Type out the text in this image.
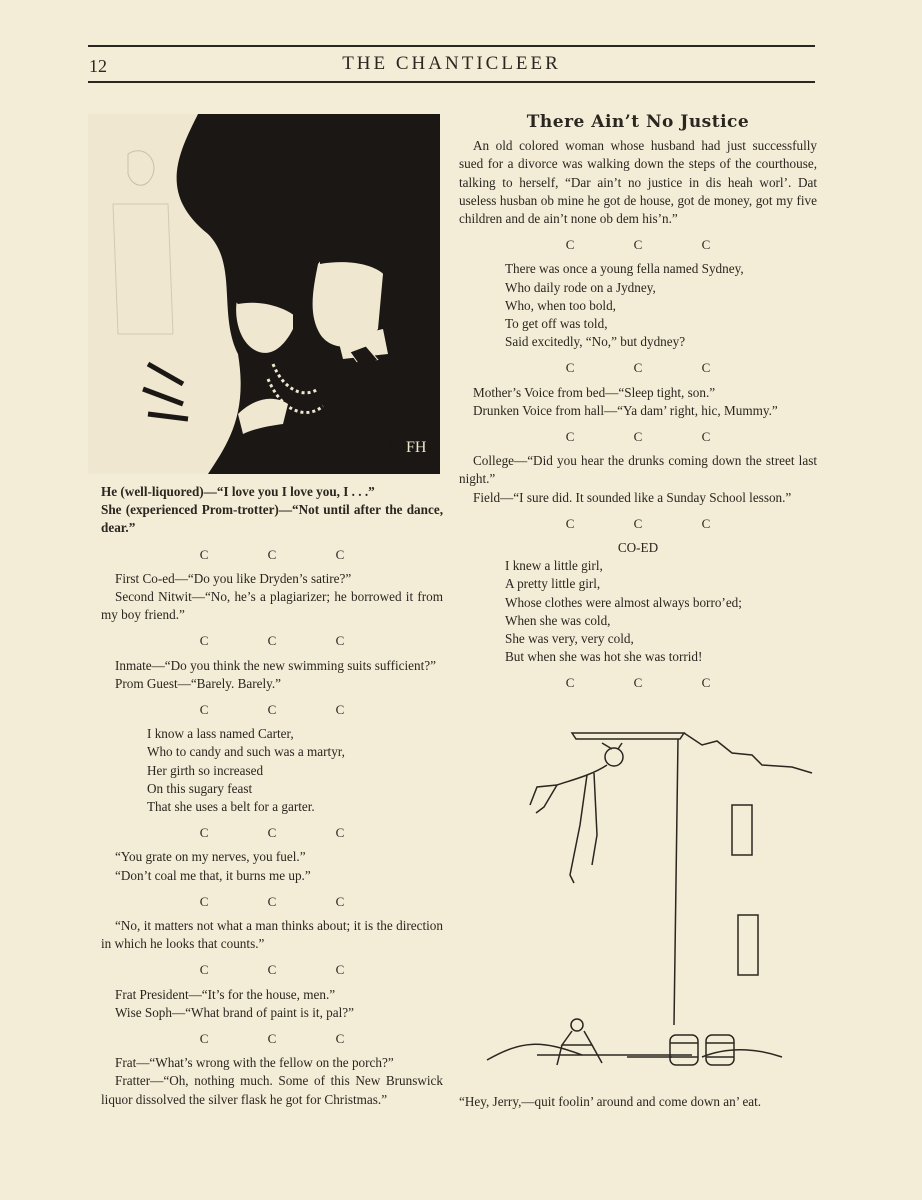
12	THE CHANTICLEER
FH

He (well-liquored)—“I love you I love you, I . . .”

She (experienced Prom-trotter)—“Not until after the dance, dear.”

C C C

First Co-ed—“Do you like Dryden’s satire?”

Second Nitwit—“No, he’s a plagiarizer; he borrowed it from my boy friend.”

C C C

Inmate—“Do you think the new swimming suits sufficient?”

Prom Guest—“Barely. Barely.”

C C C
I know a lass named Carter,
Who to candy and such was a martyr,
Her girth so increased
On this sugary feast
That she uses a belt for a garter.
C C C

“You grate on my nerves, you fuel.”

“Don’t coal me that, it burns me up.”

C C C

“No, it matters not what a man thinks about; it is the direction in which he looks that counts.”

C C C

Frat President—“It’s for the house, men.”

Wise Soph—“What brand of paint is it, pal?”

C C C

Frat—“What’s wrong with the fellow on the porch?”

Fratter—“Oh, nothing much. Some of this New Brunswick liquor dissolved the silver flask he got for Christmas.”

There Ain’t No Justice

An old colored woman whose husband had just successfully sued for a divorce was walking down the steps of the courthouse, talking to herself, “Dar ain’t no justice in dis heah worl’. Dat useless husban ob mine he got de house, got de money, got my five children and de ain’t none ob dem his’n.”

C C C
There was once a young fella named Sydney,
Who daily rode on a Jydney,
Who, when too bold,
To get off was told,
Said excitedly, “No,” but dydney?
C C C

Mother’s Voice from bed—“Sleep tight, son.”

Drunken Voice from hall—“Ya dam’ right, hic, Mummy.”

C C C

College—“Did you hear the drunks coming down the street last night.”

Field—“I sure did. It sounded like a Sunday School lesson.”

C C C
CO-ED
I knew a little girl,
A pretty little girl,
Whose clothes were almost always borro’ed;
When she was cold,
She was very, very cold,
But when she was hot she was torrid!
C C C
“Hey, Jerry,—quit foolin’ around and come down an’ eat.
